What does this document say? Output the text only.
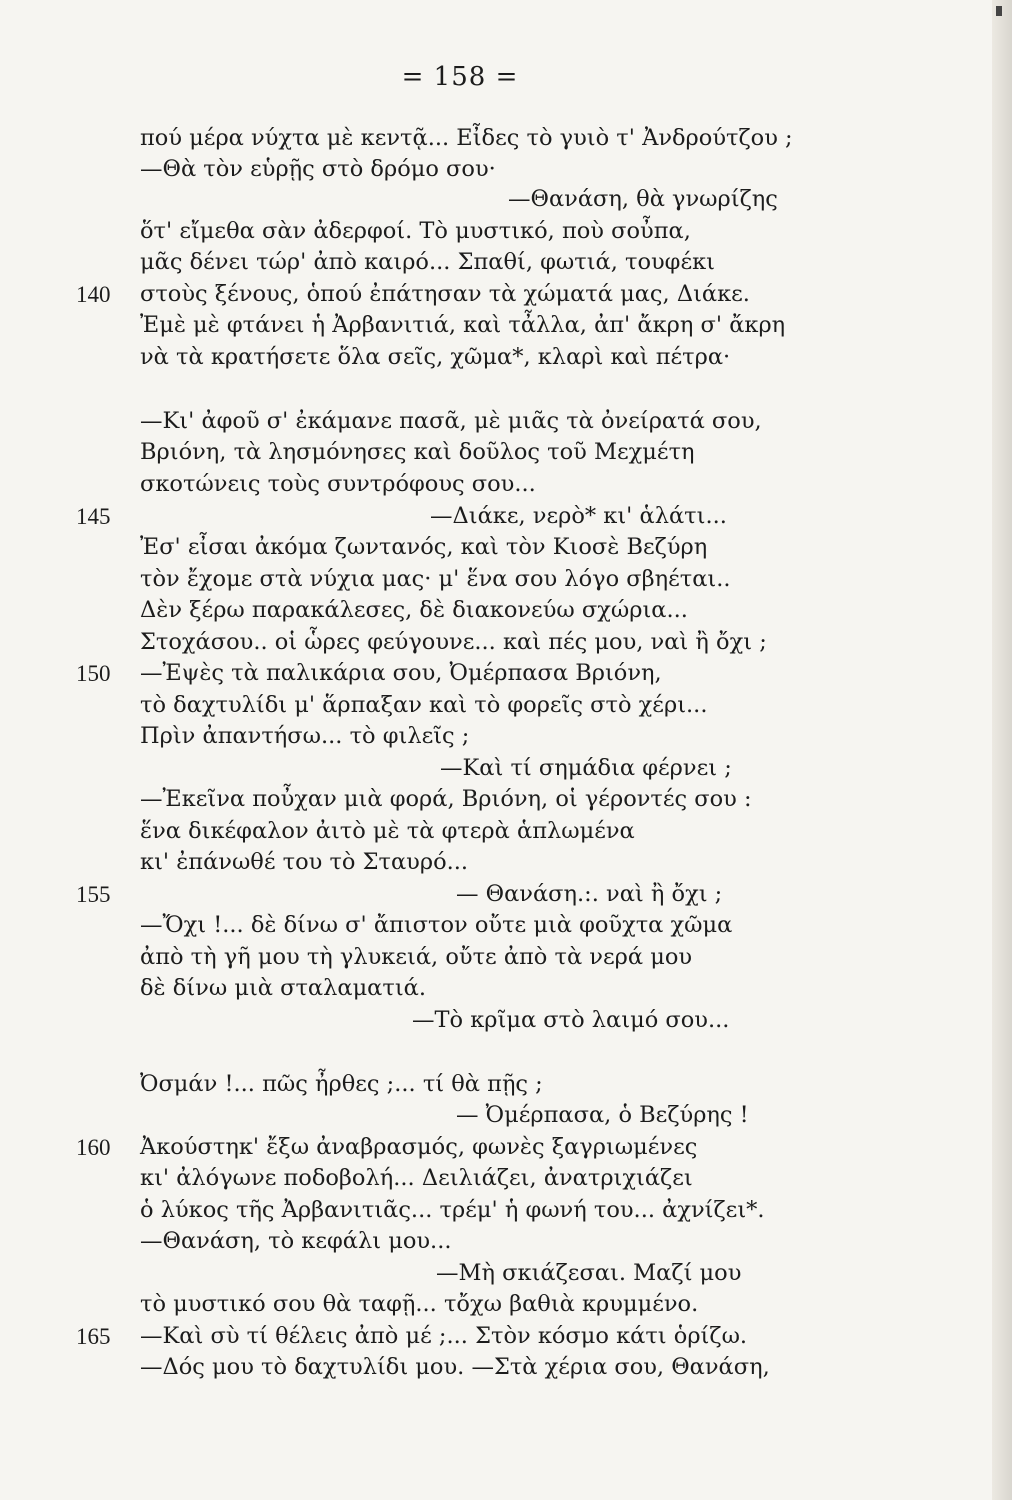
= 158 =
πού μέρα νύχτα μὲ κεντᾷ... Εἶδες τὸ γυιὸ τ' Ἀνδρούτζου ;
—Θὰ τὸν εὑρῇς στὸ δρόμο σου·
—Θανάση, θὰ γνωρίζης
ὅτ' εἴμεθα σὰν ἀδερφοί. Τὸ μυστικό, ποὺ σοὖπα,
μᾶς δένει τώρ' ἀπὸ καιρό... Σπαθί, φωτιά, τουφέκι
στοὺς ξένους, ὁπού ἐπάτησαν τὰ χώματά μας, Διάκε.
Ἐμὲ μὲ φτάνει ἡ Ἀρβανιτιά, καὶ τἆλλα, ἀπ' ἄκρη σ' ἄκρη
νὰ τὰ κρατήσετε ὅλα σεῖς, χῶμα*, κλαρὶ καὶ πέτρα·
—Κι' ἀφοῦ σ' ἐκάμανε πασᾶ, μὲ μιᾶς τὰ ὀνείρατά σου,
Βριόνη, τὰ λησμόνησες καὶ δοῦλος τοῦ Μεχμέτη
σκοτώνεις τοὺς συντρόφους σου...
—Διάκε, νερὸ* κι' ἁλάτι...
Ἐσ' εἶσαι ἀκόμα ζωντανός, καὶ τὸν Κιοσὲ Βεζύρη
τὸν ἔχομε στὰ νύχια μας· μ' ἕνα σου λόγο σβηέται..
Δὲν ξέρω παρακάλεσες, δὲ διακονεύω σχώρια...
Στοχάσου.. οἱ ὧρες φεύγουνε... καὶ πές μου, ναὶ ἢ ὄχι ;
—Ἐψὲς τὰ παλικάρια σου, Ὀμέρπασα Βριόνη,
τὸ δαχτυλίδι μ' ἅρπαξαν καὶ τὸ φορεῖς στὸ χέρι...
Πρὶν ἀπαντήσω... τὸ φιλεῖς ;
—Καὶ τί σημάδια φέρνει ;
—Ἐκεῖνα ποὖχαν μιὰ φορά, Βριόνη, οἱ γέροντές σου :
ἕνα δικέφαλον ἀιτὸ μὲ τὰ φτερὰ ἁπλωμένα
κι' ἐπάνωθέ του τὸ Σταυρό...
— Θανάση.:. ναὶ ἢ ὄχι ;
—Ὄχι !... δὲ δίνω σ' ἄπιστον οὔτε μιὰ φοῦχτα χῶμα
ἀπὸ τὴ γῆ μου τὴ γλυκειά, οὔτε ἀπὸ τὰ νερά μου
δὲ δίνω μιὰ σταλαματιά.
—Τὸ κρῖμα στὸ λαιμό σου...
Ὀσμάν !... πῶς ἦρθες ;... τί θὰ πῇς ;
— Ὀμέρπασα, ὁ Βεζύρης !
Ἀκούστηκ' ἔξω ἀναβρασμός, φωνὲς ξαγριωμένες
κι' ἀλόγωνε ποδοβολή... Δειλιάζει, ἀνατριχιάζει
ὁ λύκος τῆς Ἀρβανιτιᾶς... τρέμ' ἡ φωνή του... ἀχνίζει*.
—Θανάση, τὸ κεφάλι μου...
—Μὴ σκιάζεσαι. Μαζί μου
τὸ μυστικό σου θὰ ταφῇ... τὄχω βαθιὰ κρυμμένο.
—Καὶ σὺ τί θέλεις ἀπὸ μέ ;... Στὸν κόσμο κάτι ὁρίζω.
—Δός μου τὸ δαχτυλίδι μου. —Στὰ χέρια σου, Θανάση,
140
145
150
155
160
165
